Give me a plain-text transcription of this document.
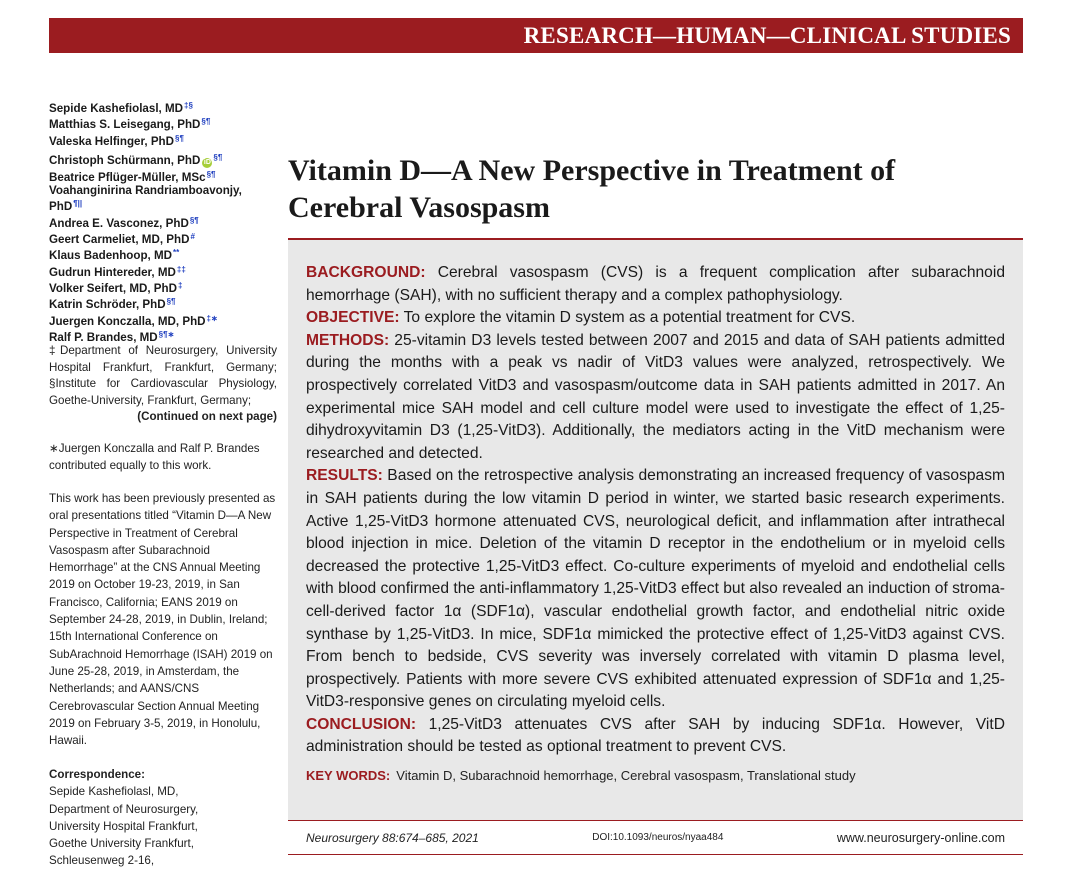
RESEARCH—HUMAN—CLINICAL STUDIES
Sepide Kashefiolasl, MD‡§
Matthias S. Leisegang, PhD§¶
Valeska Helfinger, PhD§¶
Christoph Schürmann, PhD iD§¶
Beatrice Pflüger-Müller, MSc§¶
Voahanginirina Randriamboavonjy,
PhD¶||
Andrea E. Vasconez, PhD§¶
Geert Carmeliet, MD, PhD#
Klaus Badenhoop, MD**
Gudrun Hintereder, MD‡‡
Volker Seifert, MD, PhD‡
Katrin Schröder, PhD§¶
Juergen Konczalla, MD, PhD‡∗
Ralf P. Brandes, MD§¶∗
‡Department of Neurosurgery, University Hospital Frankfurt, Frankfurt, Germany; §Institute for Cardiovascular Physiology, Goethe-University, Frankfurt, Germany;
(Continued on next page)
∗Juergen Konczalla and Ralf P. Brandes contributed equally to this work.
This work has been previously presented as oral presentations titled “Vitamin D—A New Perspective in Treatment of Cerebral Vasospasm after Subarachnoid Hemorrhage” at the CNS Annual Meeting 2019 on October 19-23, 2019, in San Francisco, California; EANS 2019 on September 24-28, 2019, in Dublin, Ireland; 15th International Conference on SubArachnoid Hemorrhage (ISAH) 2019 on June 25-28, 2019, in Amsterdam, the Netherlands; and AANS/CNS Cerebrovascular Section Annual Meeting 2019 on February 3-5, 2019, in Honolulu, Hawaii.
Correspondence:
Sepide Kashefiolasl, MD,
Department of Neurosurgery,
University Hospital Frankfurt,
Goethe University Frankfurt,
Schleusenweg 2-16,
Vitamin D—A New Perspective in Treatment of Cerebral Vasospasm
BACKGROUND: Cerebral vasospasm (CVS) is a frequent complication after subarachnoid hemorrhage (SAH), with no sufficient therapy and a complex pathophysiology.
OBJECTIVE: To explore the vitamin D system as a potential treatment for CVS.
METHODS: 25-vitamin D3 levels tested between 2007 and 2015 and data of SAH patients admitted during the months with a peak vs nadir of VitD3 values were analyzed, retrospectively. We prospectively correlated VitD3 and vasospasm/outcome data in SAH patients admitted in 2017. An experimental mice SAH model and cell culture model were used to investigate the effect of 1,25-dihydroxyvitamin D3 (1,25-VitD3). Additionally, the mediators acting in the VitD mechanism were researched and detected.
RESULTS: Based on the retrospective analysis demonstrating an increased frequency of vasospasm in SAH patients during the low vitamin D period in winter, we started basic research experiments. Active 1,25-VitD3 hormone attenuated CVS, neurological deficit, and inflammation after intrathecal blood injection in mice. Deletion of the vitamin D receptor in the endothelium or in myeloid cells decreased the protective 1,25-VitD3 effect. Co-culture experiments of myeloid and endothelial cells with blood confirmed the anti-inflammatory 1,25-VitD3 effect but also revealed an induction of stroma-cell-derived factor 1α (SDF1α), vascular endothelial growth factor, and endothelial nitric oxide synthase by 1,25-VitD3. In mice, SDF1α mimicked the protective effect of 1,25-VitD3 against CVS. From bench to bedside, CVS severity was inversely correlated with vitamin D plasma level, prospectively. Patients with more severe CVS exhibited attenuated expression of SDF1α and 1,25-VitD3-responsive genes on circulating myeloid cells.
CONCLUSION: 1,25-VitD3 attenuates CVS after SAH by inducing SDF1α. However, VitD administration should be tested as optional treatment to prevent CVS.
KEY WORDS: Vitamin D, Subarachnoid hemorrhage, Cerebral vasospasm, Translational study
Neurosurgery 88:674–685, 2021	DOI:10.1093/neuros/nyaa484	www.neurosurgery-online.com
